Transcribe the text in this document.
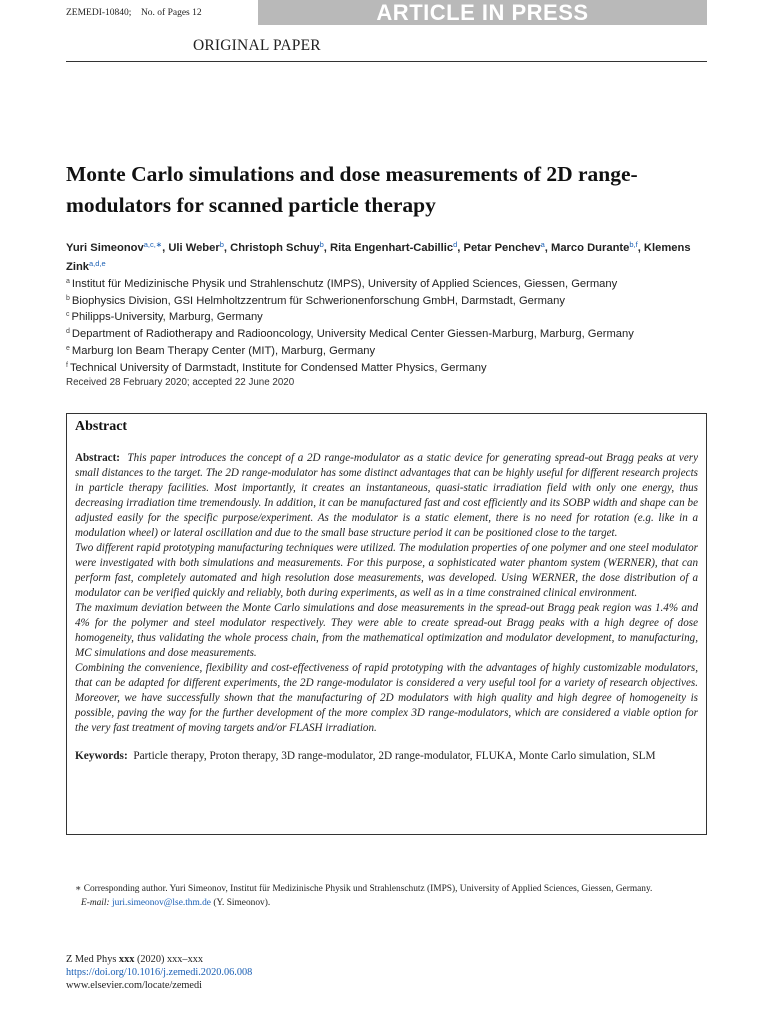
ZEMEDI-10840; No. of Pages 12	ARTICLE IN PRESS
ORIGINAL PAPER
Monte Carlo simulations and dose measurements of 2D range-modulators for scanned particle therapy
Yuri Simeonov$^{a,c,∗}$, Uli Weber$^b$, Christoph Schuy$^b$, Rita Engenhart-Cabillic$^d$, Petar Penchev$^a$, Marco Durante$^{b,f}$, Klemens Zink$^{a,d,e}$
$^a$ Institut für Medizinische Physik und Strahlenschutz (IMPS), University of Applied Sciences, Giessen, Germany
$^b$ Biophysics Division, GSI Helmholtzzentrum für Schwerionenforschung GmbH, Darmstadt, Germany
$^c$ Philipps-University, Marburg, Germany
$^d$ Department of Radiotherapy and Radiooncology, University Medical Center Giessen-Marburg, Marburg, Germany
$^e$ Marburg Ion Beam Therapy Center (MIT), Marburg, Germany
$^f$ Technical University of Darmstadt, Institute for Condensed Matter Physics, Germany
Received 28 February 2020; accepted 22 June 2020
Abstract

Abstract: This paper introduces the concept of a 2D range-modulator as a static device for generating spread-out Bragg peaks at very small distances to the target. The 2D range-modulator has some distinct advantages that can be highly useful for different research projects in particle therapy facilities. Most importantly, it creates an instantaneous, quasi-static irradiation field with only one energy, thus decreasing irradiation time tremendously. In addition, it can be manufactured fast and cost efficiently and its SOBP width and shape can be adjusted easily for the specific purpose/experiment. As the modulator is a static element, there is no need for rotation (e.g. like in a modulation wheel) or lateral oscillation and due to the small base structure period it can be positioned close to the target.

Two different rapid prototyping manufacturing techniques were utilized. The modulation properties of one polymer and one steel modulator were investigated with both simulations and measurements. For this purpose, a sophisticated water phantom system (WERNER), that can perform fast, completely automated and high resolution dose measurements, was developed. Using WERNER, the dose distribution of a modulator can be verified quickly and reliably, both during experiments, as well as in a time constrained clinical environment.

The maximum deviation between the Monte Carlo simulations and dose measurements in the spread-out Bragg peak region was 1.4% and 4% for the polymer and steel modulator respectively. They were able to create spread-out Bragg peaks with a high degree of dose homogeneity, thus validating the whole process chain, from the mathematical optimization and modulator development, to manufacturing, MC simulations and dose measurements.

Combining the convenience, flexibility and cost-effectiveness of rapid prototyping with the advantages of highly customizable modulators, that can be adapted for different experiments, the 2D range-modulator is considered a very useful tool for a variety of research objectives. Moreover, we have successfully shown that the manufacturing of 2D modulators with high quality and high degree of homogeneity is possible, paving the way for the further development of the more complex 3D range-modulators, which are considered a viable option for the very fast treatment of moving targets and/or FLASH irradiation.

Keywords: Particle therapy, Proton therapy, 3D range-modulator, 2D range-modulator, FLUKA, Monte Carlo simulation, SLM
∗ Corresponding author. Yuri Simeonov, Institut für Medizinische Physik und Strahlenschutz (IMPS), University of Applied Sciences, Giessen, Germany.
E-mail: juri.simeonov@lse.thm.de (Y. Simeonov).
Z Med Phys xxx (2020) xxx–xxx
https://doi.org/10.1016/j.zemedi.2020.06.008
www.elsevier.com/locate/zemedi
